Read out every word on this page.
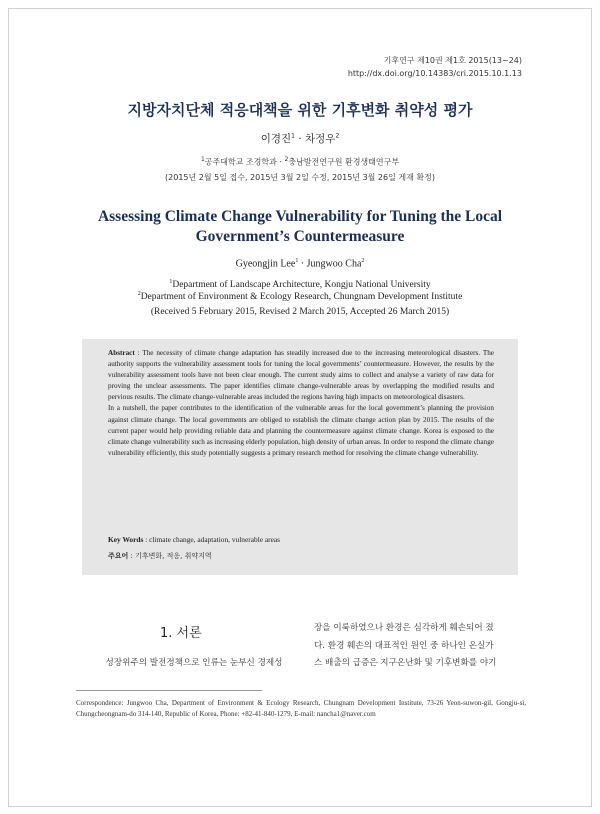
기후연구 제10권 제1호 2015(13~24)
http://dx.doi.org/10.14383/cri.2015.10.1.13
지방자치단체 적응대책을 위한 기후변화 취약성 평가
이경진$^1$ · 차정우$^2$
$^1$공주대학교 조경학과 · $^2$충남발전연구원 환경생태연구부
(2015년 2월 5일 접수, 2015년 3월 2일 수정, 2015년 3월 26일 게재 확정)
Assessing Climate Change Vulnerability for Tuning the Local
Government’s Countermeasure
Gyeongjin Lee$^1$ · Jungwoo Cha$^2$
$^1$Department of Landscape Architecture, Kongju National University
$^2$Department of Environment & Ecology Research, Chungnam Development Institute
(Received 5 February 2015, Revised 2 March 2015, Accepted 26 March 2015)

Abstract : The necessity of climate change adaptation has steadily increased due to the increasing meteorological disasters. The authority supports the vulnerability assessment tools for tuning the local governments’ countermeasure. However, the results by the vulnerability assessment tools have not been clear enough. The current study aims to collect and analyse a variety of raw data for proving the unclear assessments. The paper identifies climate change-vulnerable areas by overlapping the modified results and pervious results. The climate change-vulnerable areas included the regions having high impacts on meteorological disasters.

In a nutshell, the paper contributes to the identification of the vulnerable areas for the local government’s planning the provision against climate change. The local governments are obliged to establish the climate change action plan by 2015. The results of the current paper would help providing reliable data and planning the countermeasure against climate change. Korea is exposed to the climate change vulnerability such as increasing elderly population, high density of urban areas. In order to respond the climate change vulnerability efficiently, this study potentially suggests a primary research method for resolving the climate change vulnerability.

Key Words : climate change, adaptation, vulnerable areas
주요어 : 기후변화, 적응, 취약지역
1. 서론
성장위주의 발전정책으로 인류는 눈부신 경제성
장을 이룩하였으나 환경은 심각하게 훼손되어 졌
다. 환경 훼손의 대표적인 원인 중 하나인 온실가
스 배출의 급증은 지구온난화 및 기후변화를 야기
Correspondence: Jungwoo Cha, Department of Environment & Ecology Research, Chungnam Development Institute, 73-26 Yeon-suwon-gil, Gongju-si, Chungcheongnam-do 314-140, Republic of Korea, Phone: +82-41-840-1279, E-mail: nancha1@naver.com
